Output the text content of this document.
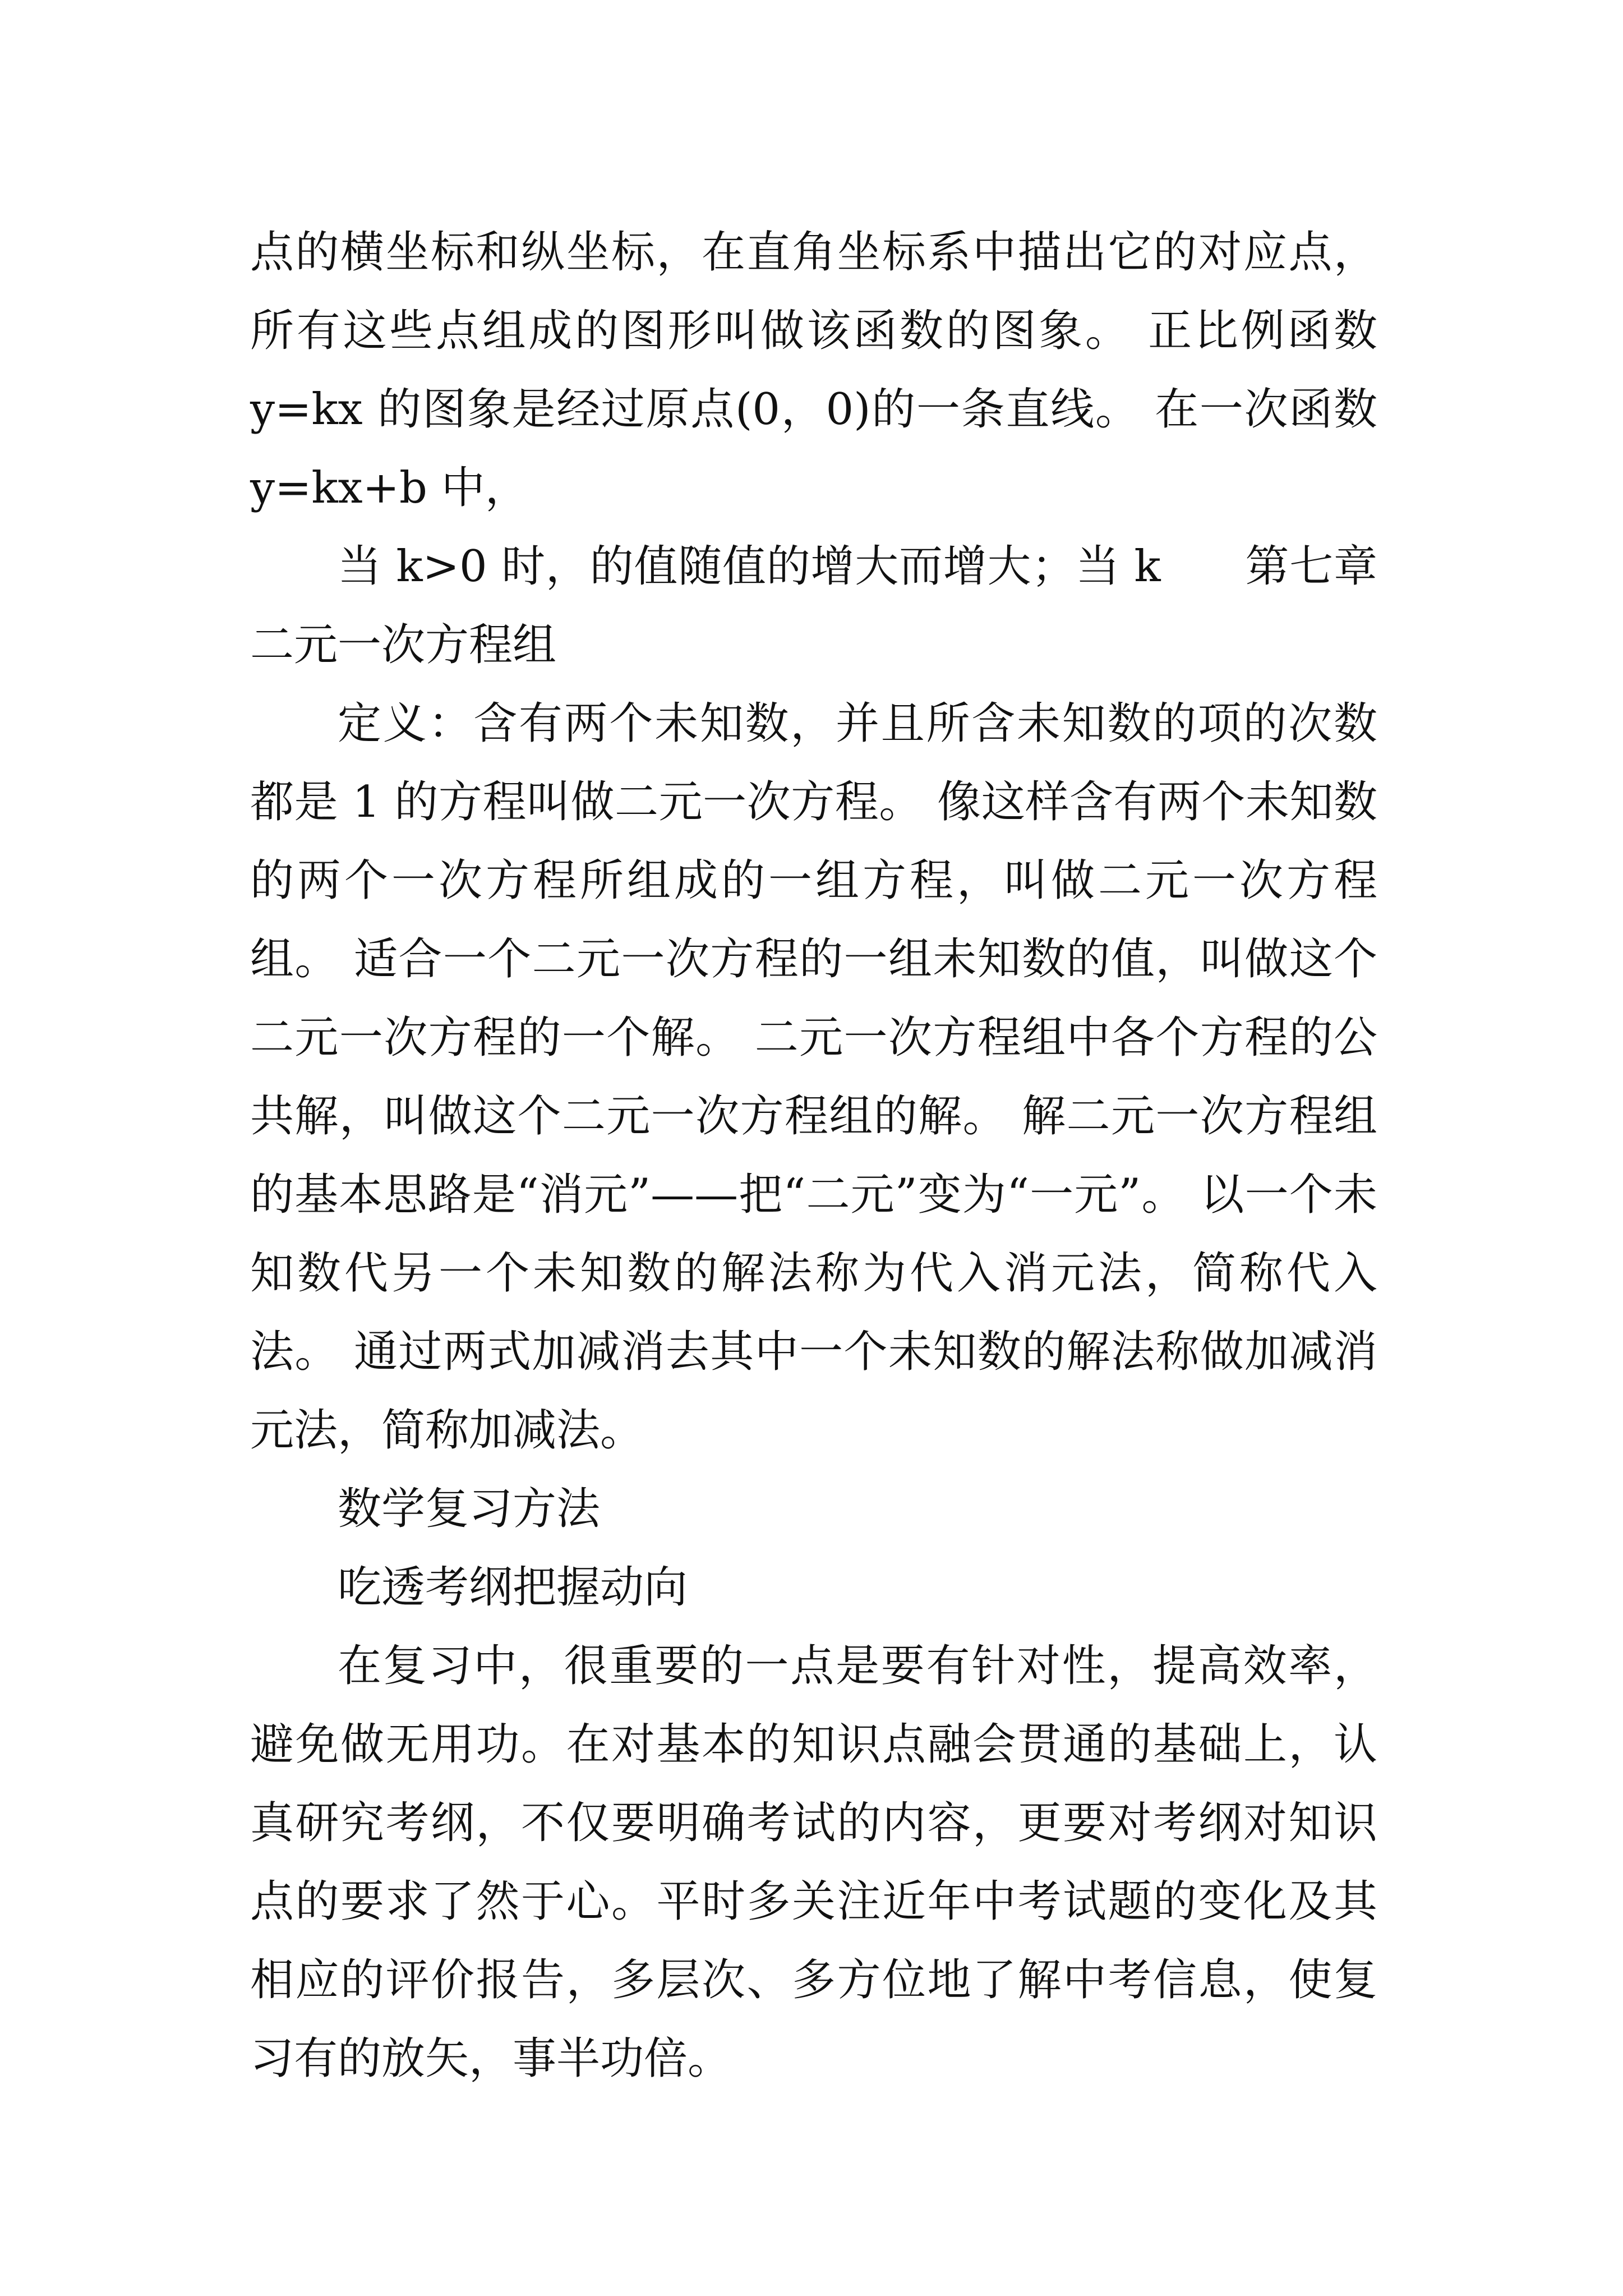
点的横坐标和纵坐标，在直角坐标系中描出它的对应点，所有这些点组成的图形叫做该函数的图象。 正比例函数 y=kx 的图象是经过原点(0，0)的一条直线。 在一次函数 y=kx+b 中，

当 k>0 时，的值随值的增大而增大；当 k 第七章 二元一次方程组

定义：含有两个未知数，并且所含未知数的项的次数都是 1 的方程叫做二元一次方程。 像这样含有两个未知数的两个一次方程所组成的一组方程，叫做二元一次方程组。 适合一个二元一次方程的一组未知数的值，叫做这个二元一次方程的一个解。 二元一次方程组中各个方程的公共解，叫做这个二元一次方程组的解。 解二元一次方程组的基本思路是“消元”——把“二元”变为“一元”。 以一个未知数代另一个未知数的解法称为代入消元法，简称代入法。 通过两式加减消去其中一个未知数的解法称做加减消元法，简称加减法。

数学复习方法

吃透考纲把握动向

在复习中，很重要的一点是要有针对性，提高效率，避免做无用功。在对基本的知识点融会贯通的基础上，认真研究考纲，不仅要明确考试的内容，更要对考纲对知识点的要求了然于心。平时多关注近年中考试题的变化及其相应的评价报告，多层次、多方位地了解中考信息，使复习有的放矢，事半功倍。
